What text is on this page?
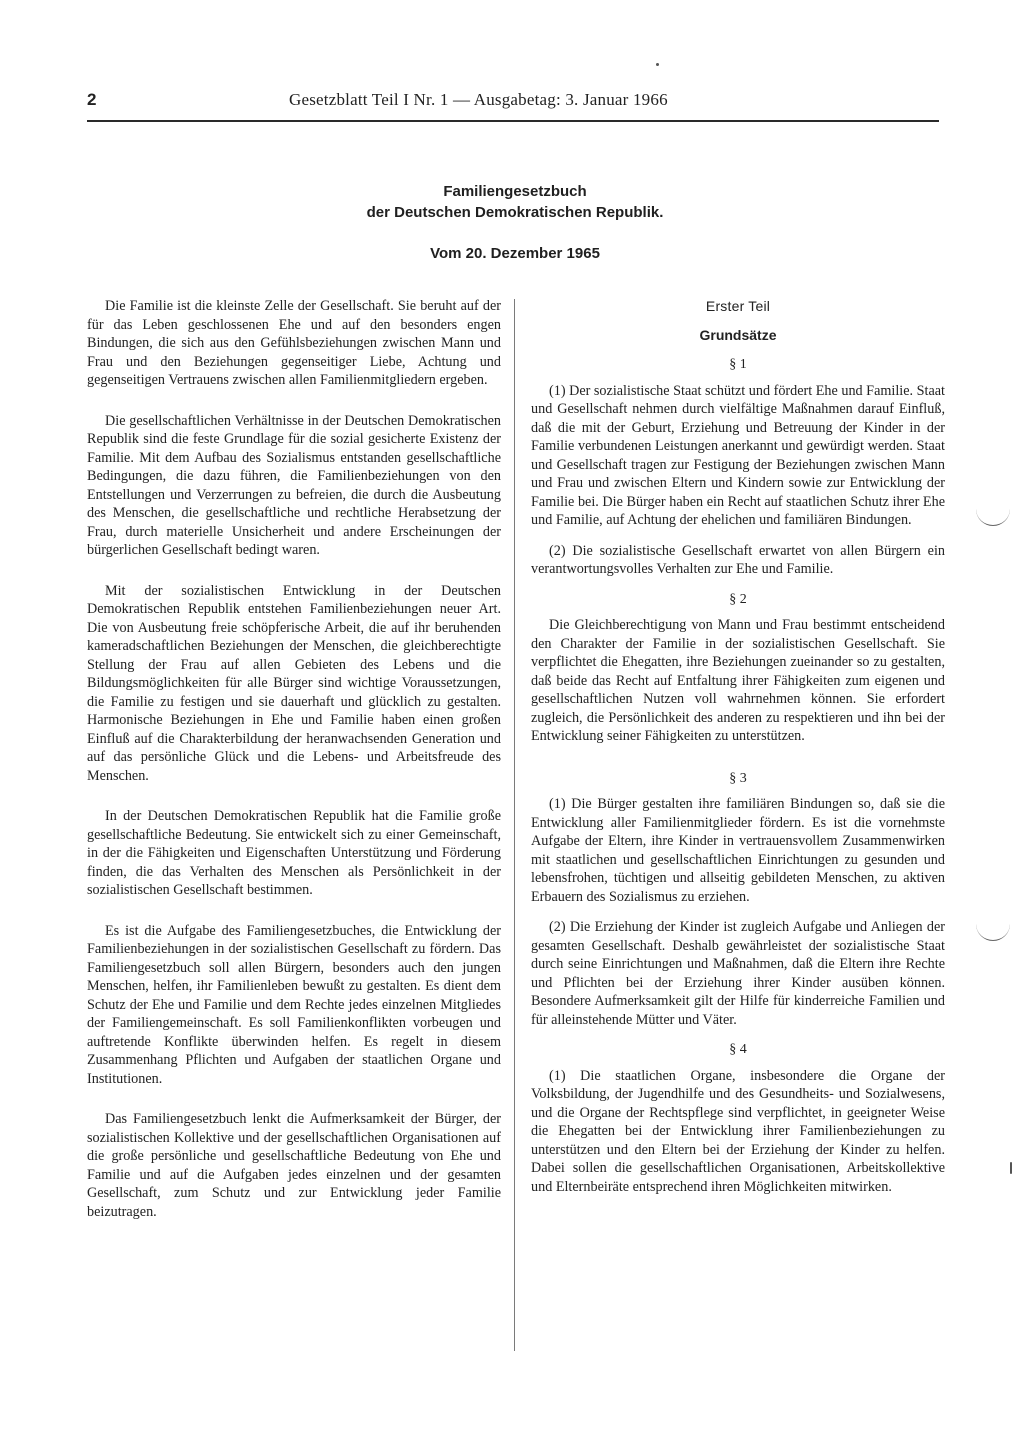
2	Gesetzblatt Teil I Nr. 1 — Ausgabetag: 3. Januar 1966
Familiengesetzbuch
der Deutschen Demokratischen Republik.
Vom 20. Dezember 1965

Die Familie ist die kleinste Zelle der Gesellschaft. Sie beruht auf der für das Leben geschlossenen Ehe und auf den besonders engen Bindungen, die sich aus den Gefühlsbeziehungen zwischen Mann und Frau und den Beziehungen gegenseitiger Liebe, Achtung und gegenseitigen Vertrauens zwischen allen Familienmitgliedern ergeben.

Die gesellschaftlichen Verhältnisse in der Deutschen Demokratischen Republik sind die feste Grundlage für die sozial gesicherte Existenz der Familie. Mit dem Aufbau des Sozialismus entstanden gesellschaftliche Bedingungen, die dazu führen, die Familienbeziehungen von den Entstellungen und Verzerrungen zu befreien, die durch die Ausbeutung des Menschen, die gesellschaftliche und rechtliche Herabsetzung der Frau, durch materielle Unsicherheit und andere Erscheinungen der bürgerlichen Gesellschaft bedingt waren.

Mit der sozialistischen Entwicklung in der Deutschen Demokratischen Republik entstehen Familienbeziehungen neuer Art. Die von Ausbeutung freie schöpferische Arbeit, die auf ihr beruhenden kameradschaftlichen Beziehungen der Menschen, die gleichberechtigte Stellung der Frau auf allen Gebieten des Lebens und die Bildungsmöglichkeiten für alle Bürger sind wichtige Voraussetzungen, die Familie zu festigen und sie dauerhaft und glücklich zu gestalten. Harmonische Beziehungen in Ehe und Familie haben einen großen Einfluß auf die Charakterbildung der heranwachsenden Generation und auf das persönliche Glück und die Lebens- und Arbeitsfreude des Menschen.

In der Deutschen Demokratischen Republik hat die Familie große gesellschaftliche Bedeutung. Sie entwickelt sich zu einer Gemeinschaft, in der die Fähigkeiten und Eigenschaften Unterstützung und Förderung finden, die das Verhalten des Menschen als Persönlichkeit in der sozialistischen Gesellschaft bestimmen.

Es ist die Aufgabe des Familiengesetzbuches, die Entwicklung der Familienbeziehungen in der sozialistischen Gesellschaft zu fördern. Das Familiengesetzbuch soll allen Bürgern, besonders auch den jungen Menschen, helfen, ihr Familienleben bewußt zu gestalten. Es dient dem Schutz der Ehe und Familie und dem Rechte jedes einzelnen Mitgliedes der Familiengemeinschaft. Es soll Familienkonflikten vorbeugen und auftretende Konflikte überwinden helfen. Es regelt in diesem Zusammenhang Pflichten und Aufgaben der staatlichen Organe und Institutionen.

Das Familiengesetzbuch lenkt die Aufmerksamkeit der Bürger, der sozialistischen Kollektive und der gesellschaftlichen Organisationen auf die große persönliche und gesellschaftliche Bedeutung von Ehe und Familie und auf die Aufgaben jedes einzelnen und der gesamten Gesellschaft, zum Schutz und zur Entwicklung jeder Familie beizutragen.

Erster Teil

Grundsätze

§ 1

(1) Der sozialistische Staat schützt und fördert Ehe und Familie. Staat und Gesellschaft nehmen durch vielfältige Maßnahmen darauf Einfluß, daß die mit der Geburt, Erziehung und Betreuung der Kinder in der Familie verbundenen Leistungen anerkannt und gewürdigt werden. Staat und Gesellschaft tragen zur Festigung der Beziehungen zwischen Mann und Frau und zwischen Eltern und Kindern sowie zur Entwicklung der Familie bei. Die Bürger haben ein Recht auf staatlichen Schutz ihrer Ehe und Familie, auf Achtung der ehelichen und familiären Bindungen.

(2) Die sozialistische Gesellschaft erwartet von allen Bürgern ein verantwortungsvolles Verhalten zur Ehe und Familie.

§ 2

Die Gleichberechtigung von Mann und Frau bestimmt entscheidend den Charakter der Familie in der sozialistischen Gesellschaft. Sie verpflichtet die Ehegatten, ihre Beziehungen zueinander so zu gestalten, daß beide das Recht auf Entfaltung ihrer Fähigkeiten zum eigenen und gesellschaftlichen Nutzen voll wahrnehmen können. Sie erfordert zugleich, die Persönlichkeit des anderen zu respektieren und ihn bei der Entwicklung seiner Fähigkeiten zu unterstützen.

§ 3

(1) Die Bürger gestalten ihre familiären Bindungen so, daß sie die Entwicklung aller Familienmitglieder fördern. Es ist die vornehmste Aufgabe der Eltern, ihre Kinder in vertrauensvollem Zusammenwirken mit staatlichen und gesellschaftlichen Einrichtungen zu gesunden und lebensfrohen, tüchtigen und allseitig gebildeten Menschen, zu aktiven Erbauern des Sozialismus zu erziehen.

(2) Die Erziehung der Kinder ist zugleich Aufgabe und Anliegen der gesamten Gesellschaft. Deshalb gewährleistet der sozialistische Staat durch seine Einrichtungen und Maßnahmen, daß die Eltern ihre Rechte und Pflichten bei der Erziehung ihrer Kinder ausüben können. Besondere Aufmerksamkeit gilt der Hilfe für kinderreiche Familien und für alleinstehende Mütter und Väter.

§ 4

(1) Die staatlichen Organe, insbesondere die Organe der Volksbildung, der Jugendhilfe und des Gesundheits- und Sozialwesens, und die Organe der Rechtspflege sind verpflichtet, in geeigneter Weise die Ehegatten bei der Entwicklung ihrer Familienbeziehungen zu unterstützen und den Eltern bei der Erziehung der Kinder zu helfen. Dabei sollen die gesellschaftlichen Organisationen, Arbeitskollektive und Elternbeiräte entsprechend ihren Möglichkeiten mitwirken.
